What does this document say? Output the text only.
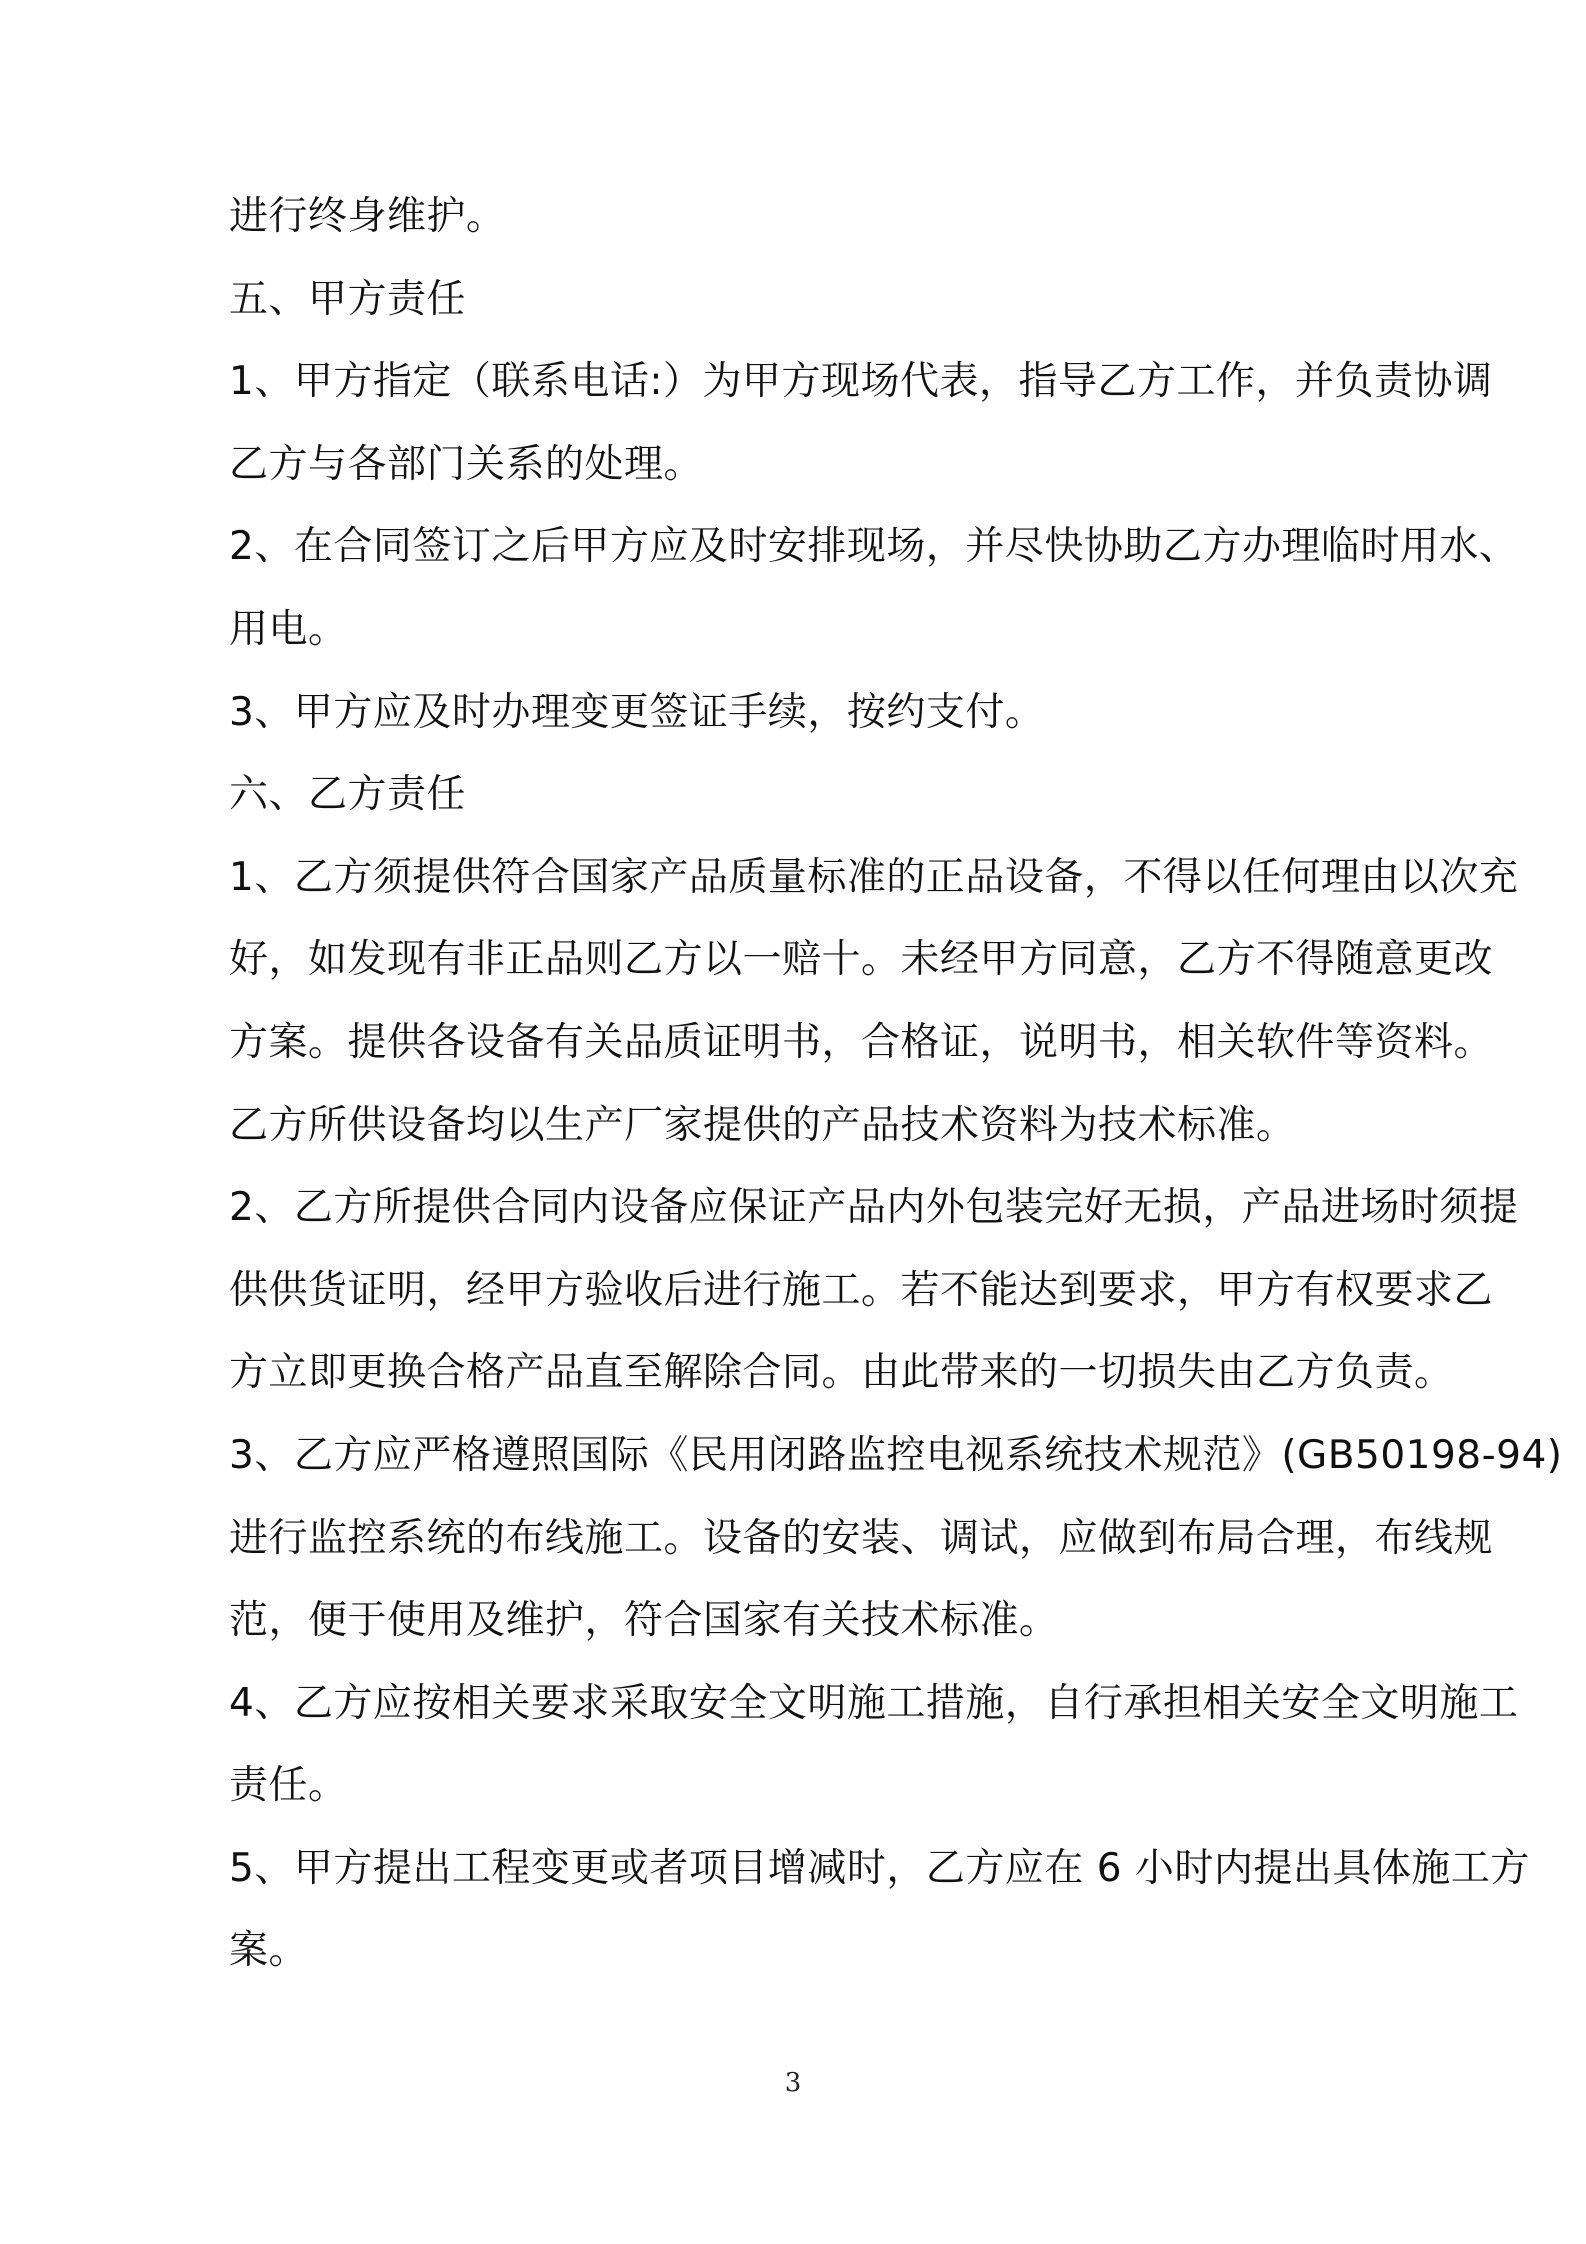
进行终身维护。
五、甲方责任
1、甲方指定（联系电话:）为甲方现场代表，指导乙方工作，并负责协调
乙方与各部门关系的处理。
2、在合同签订之后甲方应及时安排现场，并尽快协助乙方办理临时用水、
用电。
3、甲方应及时办理变更签证手续，按约支付。
六、乙方责任
1、乙方须提供符合国家产品质量标准的正品设备，不得以任何理由以次充
好，如发现有非正品则乙方以一赔十。未经甲方同意，乙方不得随意更改
方案。提供各设备有关品质证明书，合格证，说明书，相关软件等资料。
乙方所供设备均以生产厂家提供的产品技术资料为技术标准。
2、乙方所提供合同内设备应保证产品内外包装完好无损，产品进场时须提
供供货证明，经甲方验收后进行施工。若不能达到要求，甲方有权要求乙
方立即更换合格产品直至解除合同。由此带来的一切损失由乙方负责。
3、乙方应严格遵照国际《民用闭路监控电视系统技术规范》(GB50198-94)
进行监控系统的布线施工。设备的安装、调试，应做到布局合理，布线规
范，便于使用及维护，符合国家有关技术标准。
4、乙方应按相关要求采取安全文明施工措施，自行承担相关安全文明施工
责任。
5、甲方提出工程变更或者项目增减时，乙方应在 6 小时内提出具体施工方
案。
3
